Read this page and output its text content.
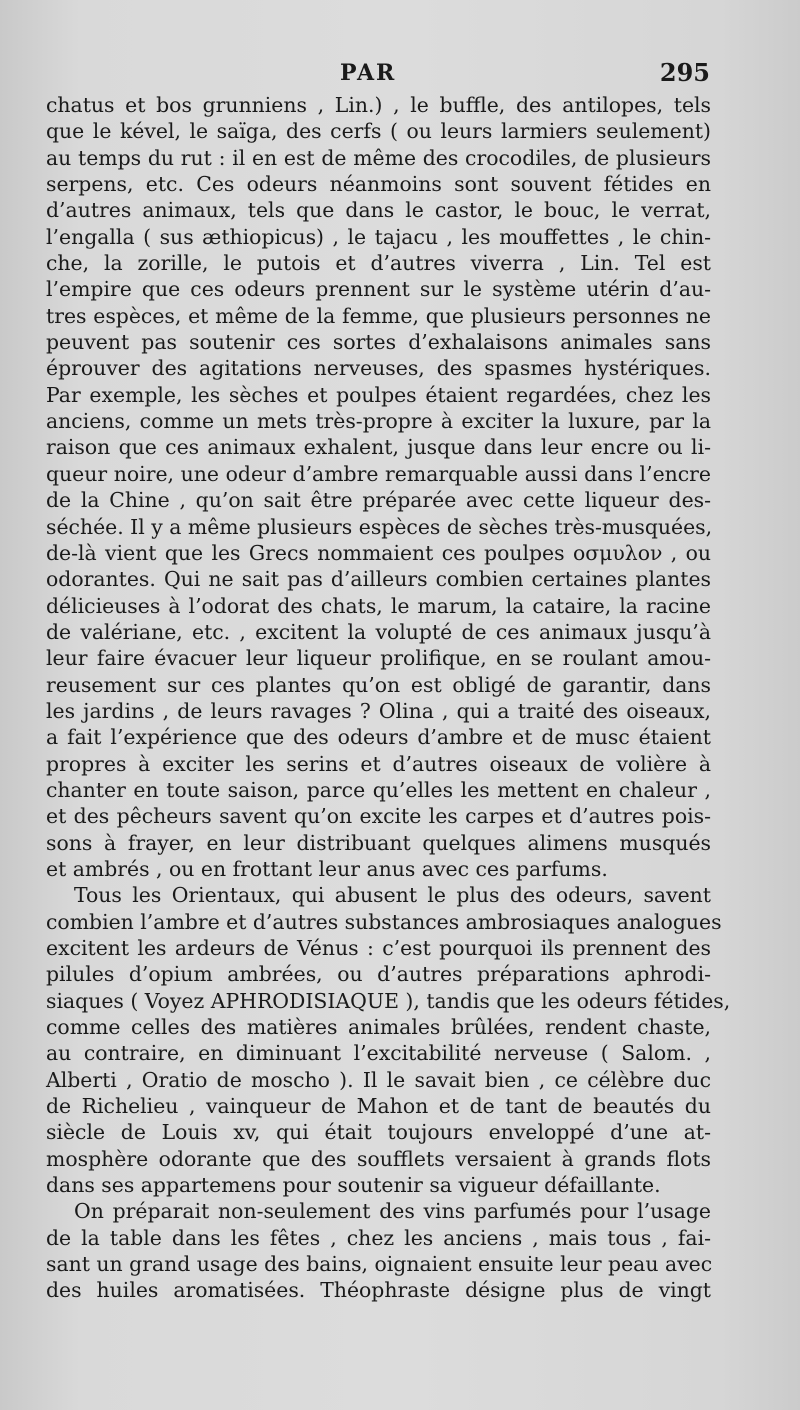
PAR	295
chatus et bos grunniens , Lin.) , le buffle, des antilopes, tels
que le kével, le saïga, des cerfs ( ou leurs larmiers seulement)
au temps du rut : il en est de même des crocodiles, de plusieurs
serpens, etc. Ces odeurs néanmoins sont souvent fétides en
d’autres animaux, tels que dans le castor, le bouc, le verrat,
l’engalla ( sus æthiopicus) , le tajacu , les mouffettes , le chin-
che, la zorille, le putois et d’autres viverra , Lin. Tel est
l’empire que ces odeurs prennent sur le système utérin d’au-
tres espèces, et même de la femme, que plusieurs personnes ne
peuvent pas soutenir ces sortes d’exhalaisons animales sans
éprouver des agitations nerveuses, des spasmes hystériques.
Par exemple, les sèches et poulpes étaient regardées, chez les
anciens, comme un mets très-propre à exciter la luxure, par la
raison que ces animaux exhalent, jusque dans leur encre ou li-
queur noire, une odeur d’ambre remarquable aussi dans l’encre
de la Chine , qu’on sait être préparée avec cette liqueur des-
séchée. Il y a même plusieurs espèces de sèches très-musquées,
de-là vient que les Grecs nommaient ces poulpes οσμυλον , ou
odorantes. Qui ne sait pas d’ailleurs combien certaines plantes
délicieuses à l’odorat des chats, le marum, la cataire, la racine
de valériane, etc. , excitent la volupté de ces animaux jusqu’à
leur faire évacuer leur liqueur prolifique, en se roulant amou-
reusement sur ces plantes qu’on est obligé de garantir, dans
les jardins , de leurs ravages ? Olina , qui a traité des oiseaux,
a fait l’expérience que des odeurs d’ambre et de musc étaient
propres à exciter les serins et d’autres oiseaux de volière à
chanter en toute saison, parce qu’elles les mettent en chaleur ,
et des pêcheurs savent qu’on excite les carpes et d’autres pois-
sons à frayer, en leur distribuant quelques alimens musqués
et ambrés , ou en frottant leur anus avec ces parfums.
Tous les Orientaux, qui abusent le plus des odeurs, savent
combien l’ambre et d’autres substances ambrosiaques analogues
excitent les ardeurs de Vénus : c’est pourquoi ils prennent des
pilules d’opium ambrées, ou d’autres préparations aphrodi-
siaques ( Voyez APHRODISIAQUE ), tandis que les odeurs fétides,
comme celles des matières animales brûlées, rendent chaste,
au contraire, en diminuant l’excitabilité nerveuse ( Salom. ,
Alberti , Oratio de moscho ). Il le savait bien , ce célèbre duc
de Richelieu , vainqueur de Mahon et de tant de beautés du
siècle de Louis xv, qui était toujours enveloppé d’une at-
mosphère odorante que des soufflets versaient à grands flots
dans ses appartemens pour soutenir sa vigueur défaillante.
On préparait non-seulement des vins parfumés pour l’usage
de la table dans les fêtes , chez les anciens , mais tous , fai-
sant un grand usage des bains, oignaient ensuite leur peau avec
des huiles aromatisées. Théophraste désigne plus de vingt
